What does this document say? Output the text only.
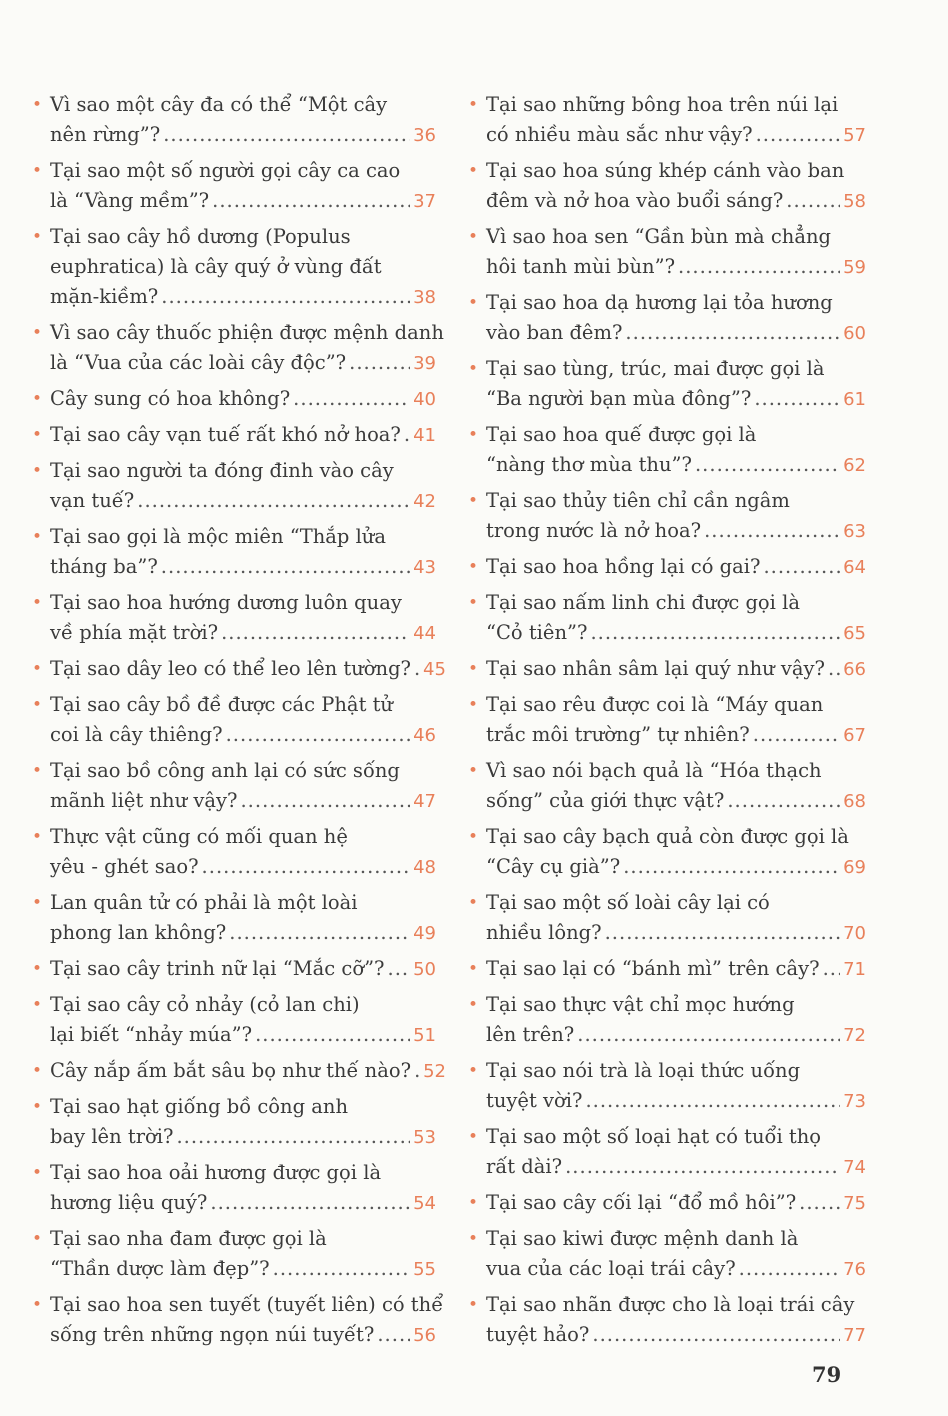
• Vì sao một cây đa có thể “Một cây
nên rừng”? .....	36
• Tại sao một số người gọi cây ca cao
là “Vàng mềm”? .....	37
• Tại sao cây hồ dương (Populus
euphratica) là cây quý ở vùng đất
mặn-kiềm? .....	38
• Vì sao cây thuốc phiện được mệnh danh
là “Vua của các loài cây độc”? .....	39
• Cây sung có hoa không? .....	40
• Tại sao cây vạn tuế rất khó nở hoa? ..... 41
• Tại sao người ta đóng đinh vào cây
vạn tuế? .....	42
• Tại sao gọi là mộc miên “Thắp lửa
tháng ba”? .....	43
• Tại sao hoa hướng dương luôn quay
về phía mặt trời? .....	44
• Tại sao dây leo có thể leo lên tường? ..... 45
• Tại sao cây bồ đề được các Phật tử
coi là cây thiêng? .....	46
• Tại sao bồ công anh lại có sức sống
mãnh liệt như vậy? .....	47
• Thực vật cũng có mối quan hệ
yêu - ghét sao? .....	48
• Lan quân tử có phải là một loài
phong lan không? .....	49
• Tại sao cây trinh nữ lại “Mắc cỡ”? ..... 50
• Tại sao cây cỏ nhảy (cỏ lan chi)
lại biết “nhảy múa”? .....	51
• Cây nắp ấm bắt sâu bọ như thế nào? ..... 52
• Tại sao hạt giống bồ công anh
bay lên trời? .....	53
• Tại sao hoa oải hương được gọi là
hương liệu quý? .....	54
• Tại sao nha đam được gọi là
“Thần dược làm đẹp”? .....	55
• Tại sao hoa sen tuyết (tuyết liên) có thể
sống trên những ngọn núi tuyết? ..... 56
• Tại sao những bông hoa trên núi lại
có nhiều màu sắc như vậy? .....	57
• Tại sao hoa súng khép cánh vào ban
đêm và nở hoa vào buổi sáng? .....	58
• Vì sao hoa sen “Gần bùn mà chẳng
hôi tanh mùi bùn”? .....	59
• Tại sao hoa dạ hương lại tỏa hương
vào ban đêm? .....	60
• Tại sao tùng, trúc, mai được gọi là
“Ba người bạn mùa đông”? .....	61
• Tại sao hoa quế được gọi là
“nàng thơ mùa thu”? .....	62
• Tại sao thủy tiên chỉ cần ngâm
trong nước là nở hoa? .....	63
• Tại sao hoa hồng lại có gai? .....	64
• Tại sao nấm linh chi được gọi là
“Cỏ tiên”? .....	65
• Tại sao nhân sâm lại quý như vậy? ..... 66
• Tại sao rêu được coi là “Máy quan
trắc môi trường” tự nhiên? .....	67
• Vì sao nói bạch quả là “Hóa thạch
sống” của giới thực vật? .....	68
• Tại sao cây bạch quả còn được gọi là
“Cây cụ già”? .....	69
• Tại sao một số loài cây lại có
nhiều lông? .....	70
• Tại sao lại có “bánh mì” trên cây? ..... 71
• Tại sao thực vật chỉ mọc hướng
lên trên? .....	72
• Tại sao nói trà là loại thức uống
tuyệt vời? .....	73
• Tại sao một số loại hạt có tuổi thọ
rất dài? .....	74
• Tại sao cây cối lại “đổ mồ hôi”? .....	75
• Tại sao kiwi được mệnh danh là
vua của các loại trái cây? .....	76
• Tại sao nhãn được cho là loại trái cây
tuyệt hảo? .....	77
79
